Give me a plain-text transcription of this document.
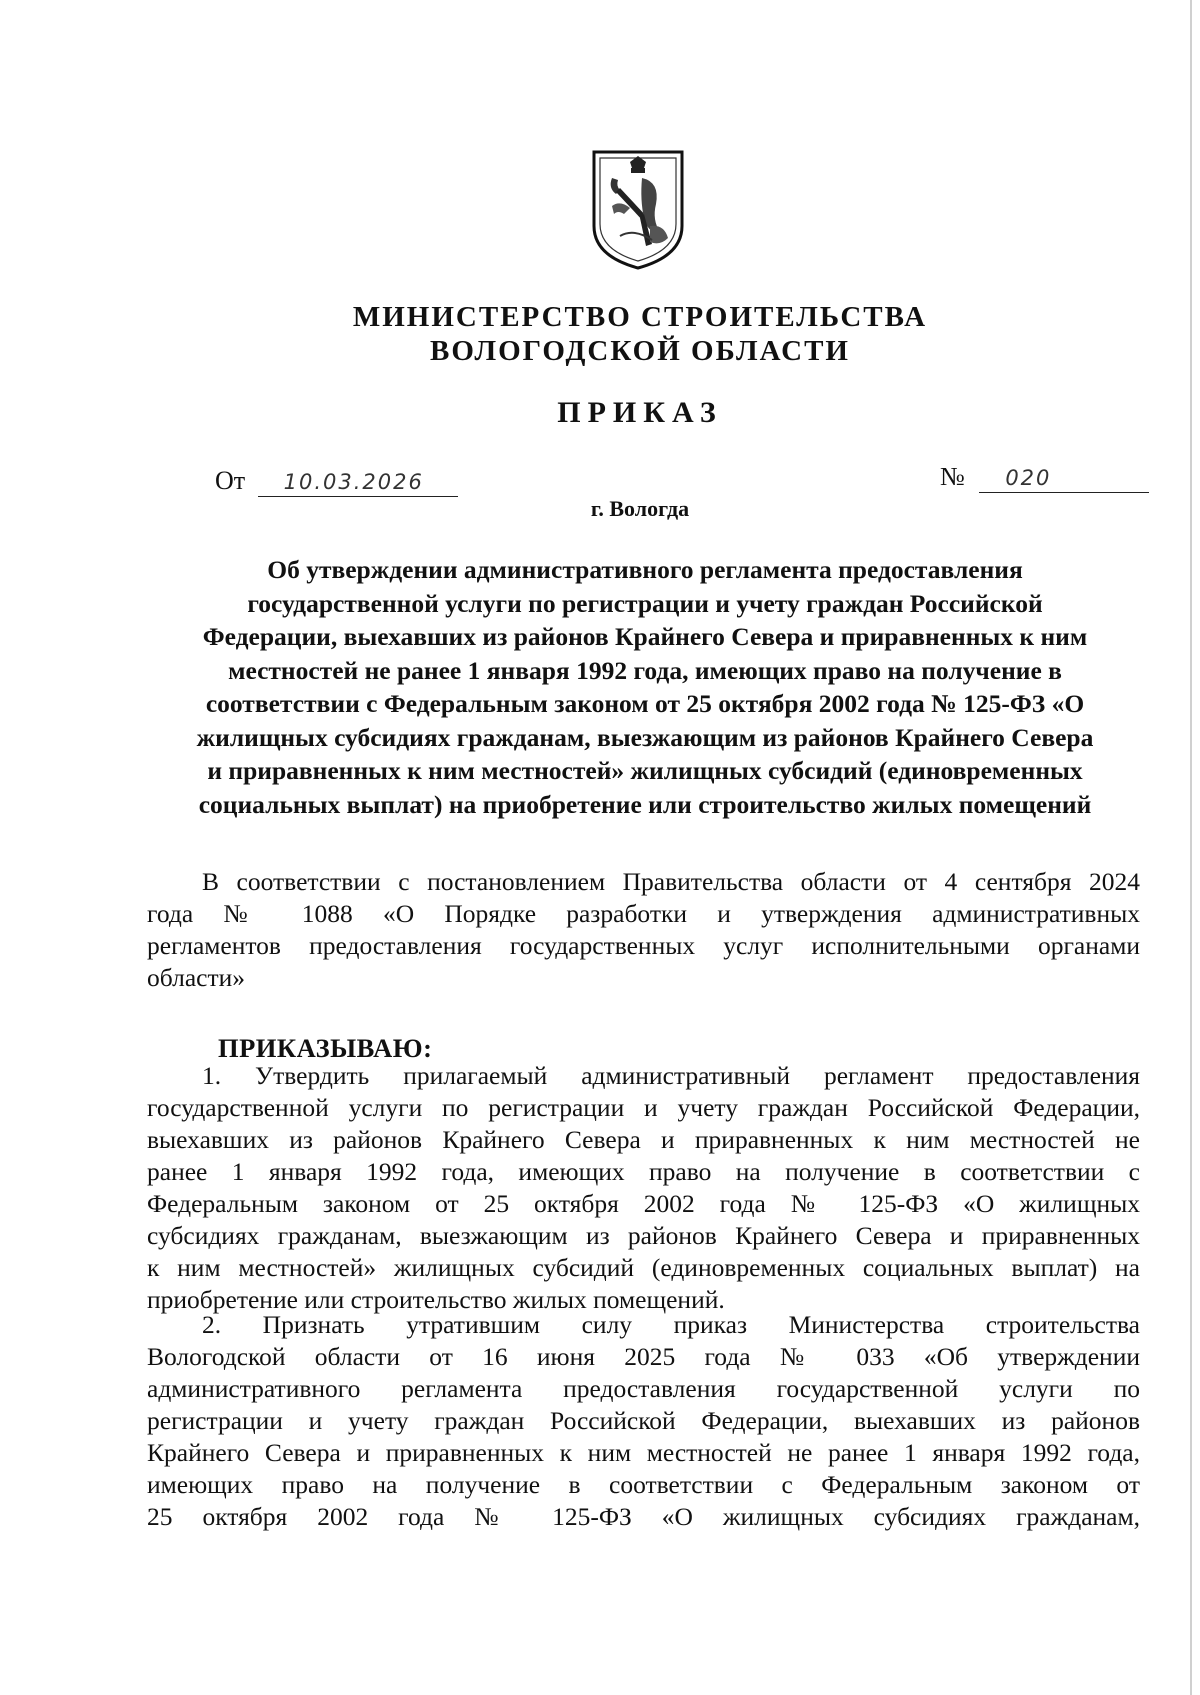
МИНИСТЕРСТВО СТРОИТЕЛЬСТВА
ВОЛОГОДСКОЙ ОБЛАСТИ
ПРИКАЗ
От 10.03.2026	№ 020
г. Вологда
Об утверждении административного регламента предоставления
государственной услуги по регистрации и учету граждан Российской
Федерации, выехавших из районов Крайнего Севера и приравненных к ним
местностей не ранее 1 января 1992 года, имеющих право на получение в
соответствии с Федеральным законом от 25 октября 2002 года № 125-ФЗ «О
жилищных субсидиях гражданам, выезжающим из районов Крайнего Севера
и приравненных к ним местностей» жилищных субсидий (единовременных
социальных выплат) на приобретение или строительство жилых помещений
В соответствии с постановлением Правительства области от 4 сентября 2024
года № 1088 «О Порядке разработки и утверждения административных
регламентов предоставления государственных услуг исполнительными органами
области»
ПРИКАЗЫВАЮ:
1. Утвердить прилагаемый административный регламент предоставления
государственной услуги по регистрации и учету граждан Российской Федерации,
выехавших из районов Крайнего Севера и приравненных к ним местностей не
ранее 1 января 1992 года, имеющих право на получение в соответствии с
Федеральным законом от 25 октября 2002 года № 125-ФЗ «О жилищных
субсидиях гражданам, выезжающим из районов Крайнего Севера и приравненных
к ним местностей» жилищных субсидий (единовременных социальных выплат) на
приобретение или строительство жилых помещений.
2. Признать утратившим силу приказ Министерства строительства
Вологодской области от 16 июня 2025 года № 033 «Об утверждении
административного регламента предоставления государственной услуги по
регистрации и учету граждан Российской Федерации, выехавших из районов
Крайнего Севера и приравненных к ним местностей не ранее 1 января 1992 года,
имеющих право на получение в соответствии с Федеральным законом от
25 октября 2002 года № 125-ФЗ «О жилищных субсидиях гражданам,
